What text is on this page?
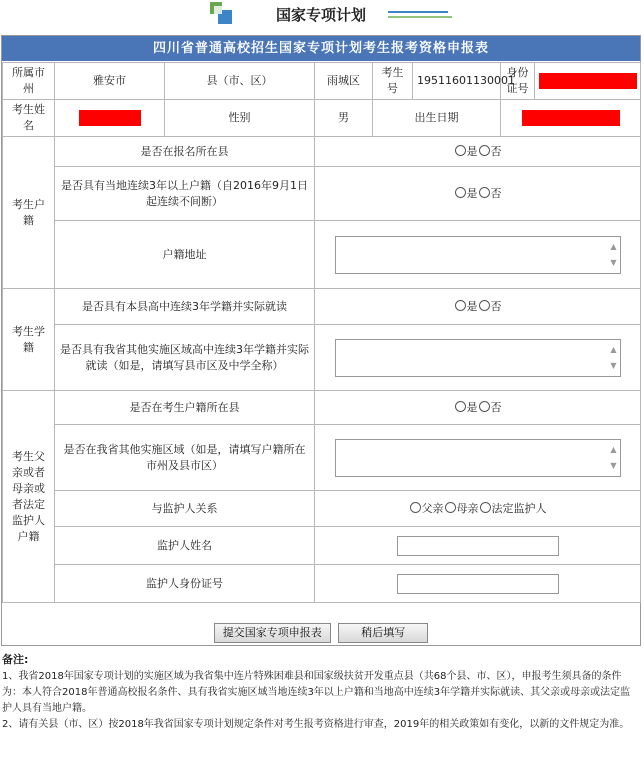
国家专项计划
四川省普通高校招生国家专项计划考生报考资格申报表
所属市州	雅安市	县（市、区）	雨城区	考生号	19511601130001	身份证号	
考生姓名		性别	男	出生日期			
考生户籍	是否在报名所在县		是 否				
	是否具有当地连续3年以上户籍（自2016年9月1日起连续不间断）		是 否				
	户籍地址		▲
▼				

考生学籍	是否具有本县高中连续3年学籍并实际就读		是 否				
	是否具有我省其他实施区域高中连续3年学籍并实际就读（如是，请填写县市区及中学全称）		▲
▼				

考生父亲或者母亲或者法定监护人户籍	是否在考生户籍所在县		是 否				
	是否在我省其他实施区域（如是，请填写户籍所在市州及县市区）		▲
▼				

	与监护人关系		父亲 母亲 法定监护人				
	监护人姓名						

	监护人身份证号						
提交国家专项申报表	稍后填写
备注:
1、我省2018年国家专项计划的实施区域为我省集中连片特殊困难县和国家级扶贫开发重点县（共68个县、市、区），申报考生须具备的条件为：本人符合2018年普通高校报名条件、具有我省实施区域当地连续3年以上户籍和当地高中连续3年学籍并实际就读、其父亲或母亲或法定监护人具有当地户籍。
2、请有关县（市、区）按2018年我省国家专项计划规定条件对考生报考资格进行审查，2019年的相关政策如有变化，以新的文件规定为准。
